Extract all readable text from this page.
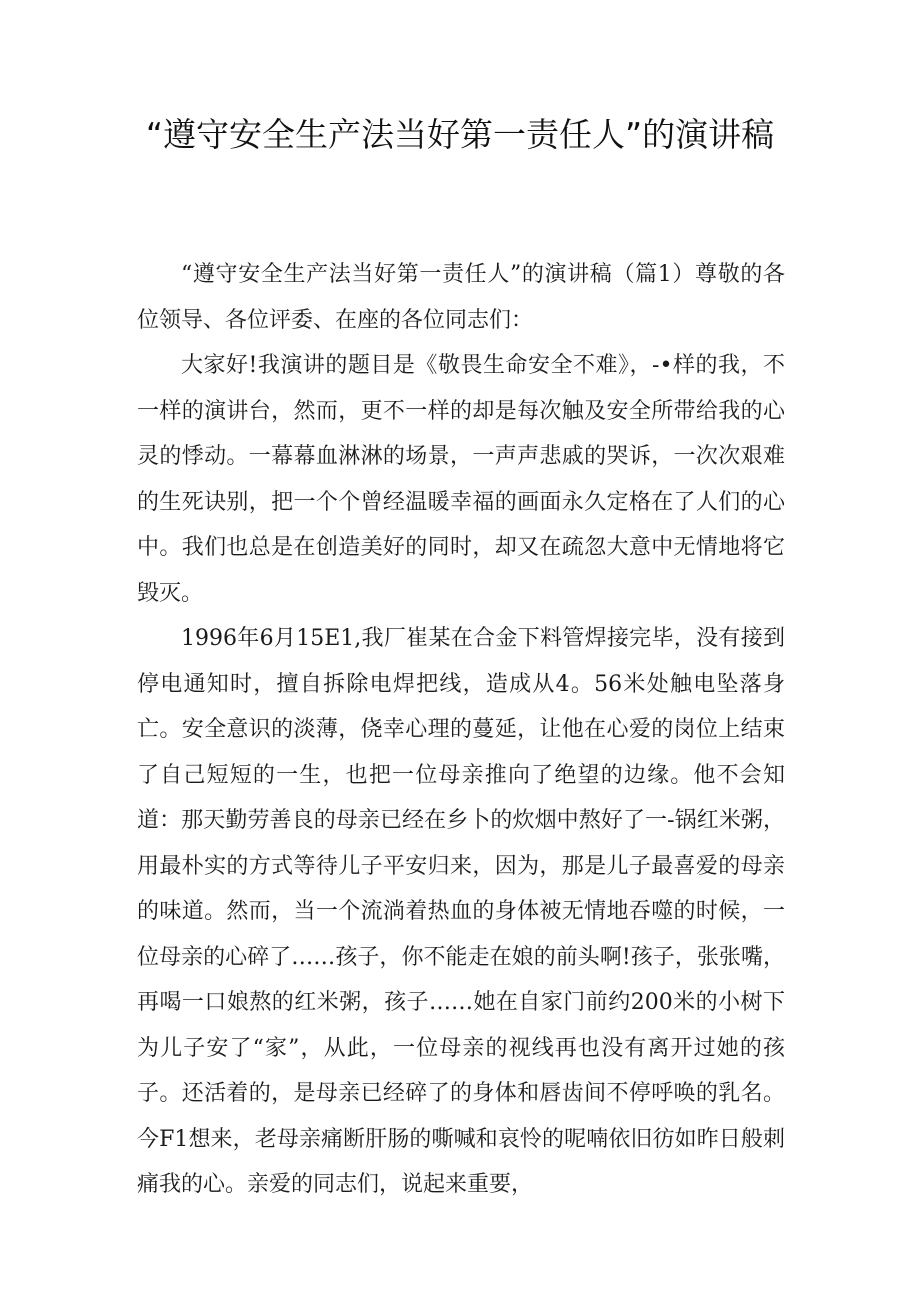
“遵守安全生产法当好第一责任人”的演讲稿

“遵守安全生产法当好第一责任人”的演讲稿（篇1）尊敬的各位领导、各位评委、在座的各位同志们：

大家好!我演讲的题目是《敬畏生命安全不难》，-•样的我，不一样的演讲台，然而，更不一样的却是每次触及安全所带给我的心灵的悸动。一幕幕血淋淋的场景，一声声悲戚的哭诉，一次次艰难的生死诀别，把一个个曾经温暖幸福的画面永久定格在了人们的心中。我们也总是在创造美好的同时，却又在疏忽大意中无情地将它毁灭。

1996年6月15E1,我厂崔某在合金下料管焊接完毕，没有接到停电通知时，擅自拆除电焊把线，造成从4。56米处触电坠落身亡。安全意识的淡薄，侥幸心理的蔓延，让他在心爱的岗位上结束了自己短短的一生，也把一位母亲推向了绝望的边缘。他不会知道：那天勤劳善良的母亲已经在乡卜的炊烟中熬好了一-锅红米粥，用最朴实的方式等待儿子平安归来，因为，那是儿子最喜爱的母亲的味道。然而，当一个流淌着热血的身体被无情地吞噬的时候，一位母亲的心碎了……孩子，你不能走在娘的前头啊!孩子，张张嘴，再喝一口娘熬的红米粥，孩子……她在自家门前约200米的小树下为儿子安了“家”，从此，一位母亲的视线再也没有离开过她的孩子。还活着的，是母亲已经碎了的身体和唇齿间不停呼唤的乳名。今F1想来，老母亲痛断肝肠的嘶喊和哀怜的呢喃依旧彷如昨日般刺痛我的心。亲爱的同志们，说起来重要，
